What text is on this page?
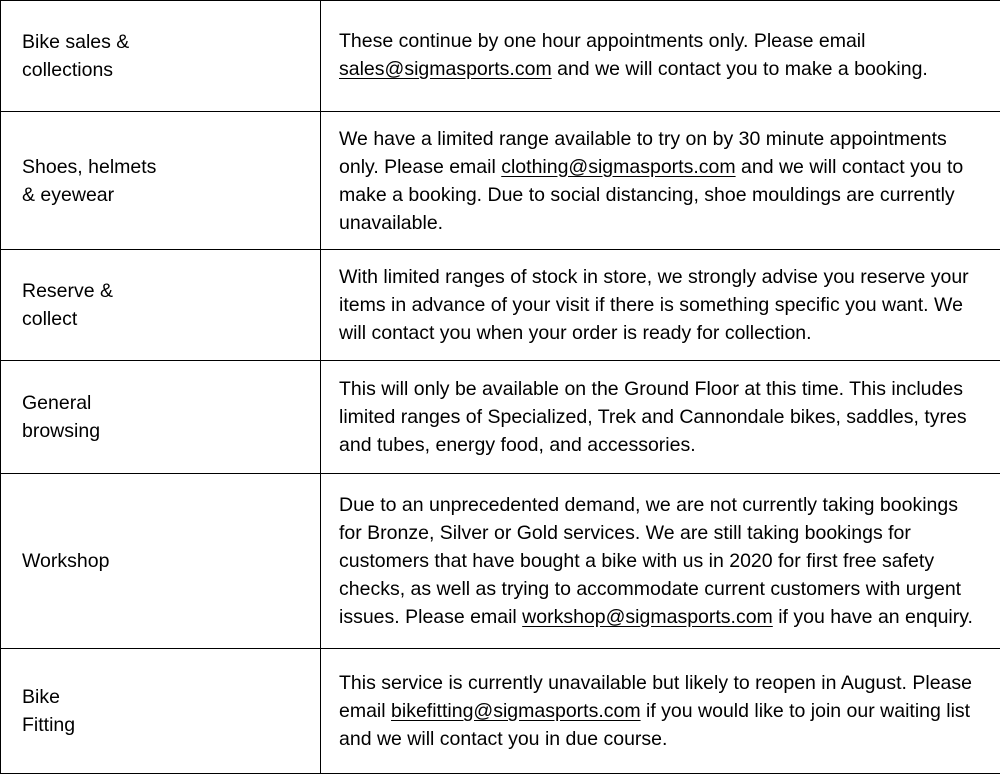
Bike sales & collections	These continue by one hour appointments only. Please email sales@sigmasports.com and we will contact you to make a booking.

Shoes, helmets & eyewear	We have a limited range available to try on by 30 minute appointments only. Please email clothing@sigmasports.com and we will contact you to make a booking. Due to social distancing, shoe mouldings are currently unavailable.

Reserve & collect	With limited ranges of stock in store, we strongly advise you reserve your items in advance of your visit if there is something specific you want. We will contact you when your order is ready for collection.

General browsing	This will only be available on the Ground Floor at this time. This includes limited ranges of Specialized, Trek and Cannondale bikes, saddles, tyres and tubes, energy food, and accessories.

Workshop	Due to an unprecedented demand, we are not currently taking bookings for Bronze, Silver or Gold services. We are still taking bookings for customers that have bought a bike with us in 2020 for first free safety checks, as well as trying to accommodate current customers with urgent issues. Please email workshop@sigmasports.com if you have an enquiry.

Bike Fitting	This service is currently unavailable but likely to reopen in August. Please email bikefitting@sigmasports.com if you would like to join our waiting list and we will contact you in due course.
